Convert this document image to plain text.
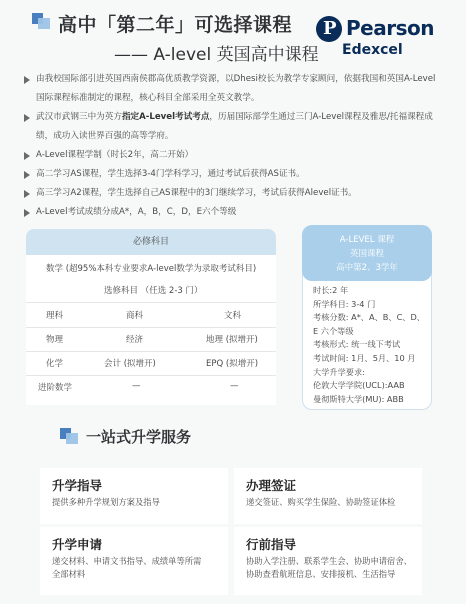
高中「第二年」可选择课程
—— A-level 英国高中课程
P Pearson
Edexcel
由我校国际部引进英国西南侯郡高优质教学资源，以Dhesi校长为教学专家顾问，依据我国和英国A-Level国际课程标准制定的课程，核心科目全部采用全英文教学。
武汉市武钢三中为英方指定A-Level考试考点，历届国际部学生通过三门A-Level课程及雅思/托福课程成绩，成功入读世界百强的高等学府。
A-Level课程学制（时长2年，高二开始）
高二学习AS课程，学生选择3-4门学科学习，通过考试后获得AS证书。
高三学习A2课程，学生选择自己AS课程中的3门继续学习，考试后获得Alevel证书。
A-Level考试成绩分成A*，A，B，C，D，E六个等级
必修科目
数学 (超95%本科专业要求A-level数学为录取考试科目)
选修科目 （任选 2-3 门）
理科	商科	文科
物理	经济	地理 (拟增开)
化学	会计 (拟增开)	EPQ (拟增开)
进阶数学	—	—
时长:2 年
所学科目: 3-4 门
考核分数: A*、A、B、C、D、
E 六个等级
考核形式: 统一线下考试
考试时间: 1月、5月、10 月
大学升学要求:
伦敦大学学院(UCL):AAB
曼彻斯特大学(MU): ABB
A-LEVEL 课程
英国课程
高中第2、3学年
一站式升学服务
升学指导
提供多种升学规划方案及指导
办理签证
递交签证、购买学生保险、协助签证体检
升学申请
递交材料、申请文书指导、成绩单等所需全部材料
行前指导
协助入学注册、联系学生会、协助申请宿舍、协助查看航班信息、安排接机、生活指导
